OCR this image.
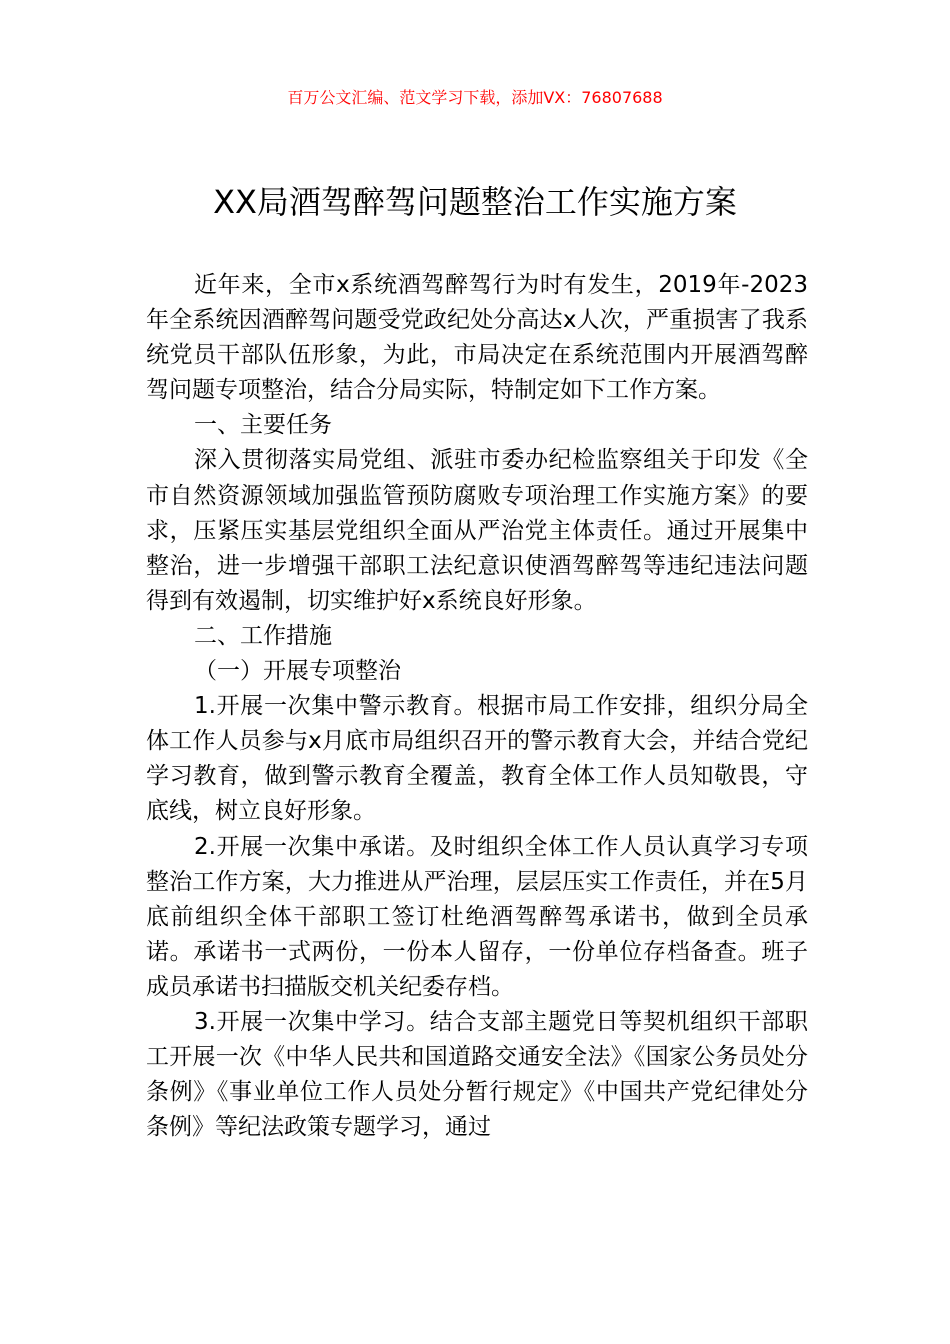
百万公文汇编、范文学习下载，添加VX：76807688
XX局酒驾醉驾问题整治工作实施方案

近年来，全市x系统酒驾醉驾行为时有发生，2019年-2023年全系统因酒醉驾问题受党政纪处分高达x人次，严重损害了我系统党员干部队伍形象，为此，市局决定在系统范围内开展酒驾醉驾问题专项整治，结合分局实际，特制定如下工作方案。

一、主要任务

深入贯彻落实局党组、派驻市委办纪检监察组关于印发《全市自然资源领域加强监管预防腐败专项治理工作实施方案》的要求，压紧压实基层党组织全面从严治党主体责任。通过开展集中整治，进一步增强干部职工法纪意识使酒驾醉驾等违纪违法问题得到有效遏制，切实维护好x系统良好形象。

二、工作措施

（一）开展专项整治

1.开展一次集中警示教育。根据市局工作安排，组织分局全体工作人员参与x月底市局组织召开的警示教育大会，并结合党纪学习教育，做到警示教育全覆盖，教育全体工作人员知敬畏，守底线，树立良好形象。

2.开展一次集中承诺。及时组织全体工作人员认真学习专项整治工作方案，大力推进从严治理，层层压实工作责任，并在5月底前组织全体干部职工签订杜绝酒驾醉驾承诺书，做到全员承诺。承诺书一式两份，一份本人留存，一份单位存档备查。班子成员承诺书扫描版交机关纪委存档。

3.开展一次集中学习。结合支部主题党日等契机组织干部职工开展一次《中华人民共和国道路交通安全法》《国家公务员处分条例》《事业单位工作人员处分暂行规定》《中国共产党纪律处分条例》等纪法政策专题学习，通过
